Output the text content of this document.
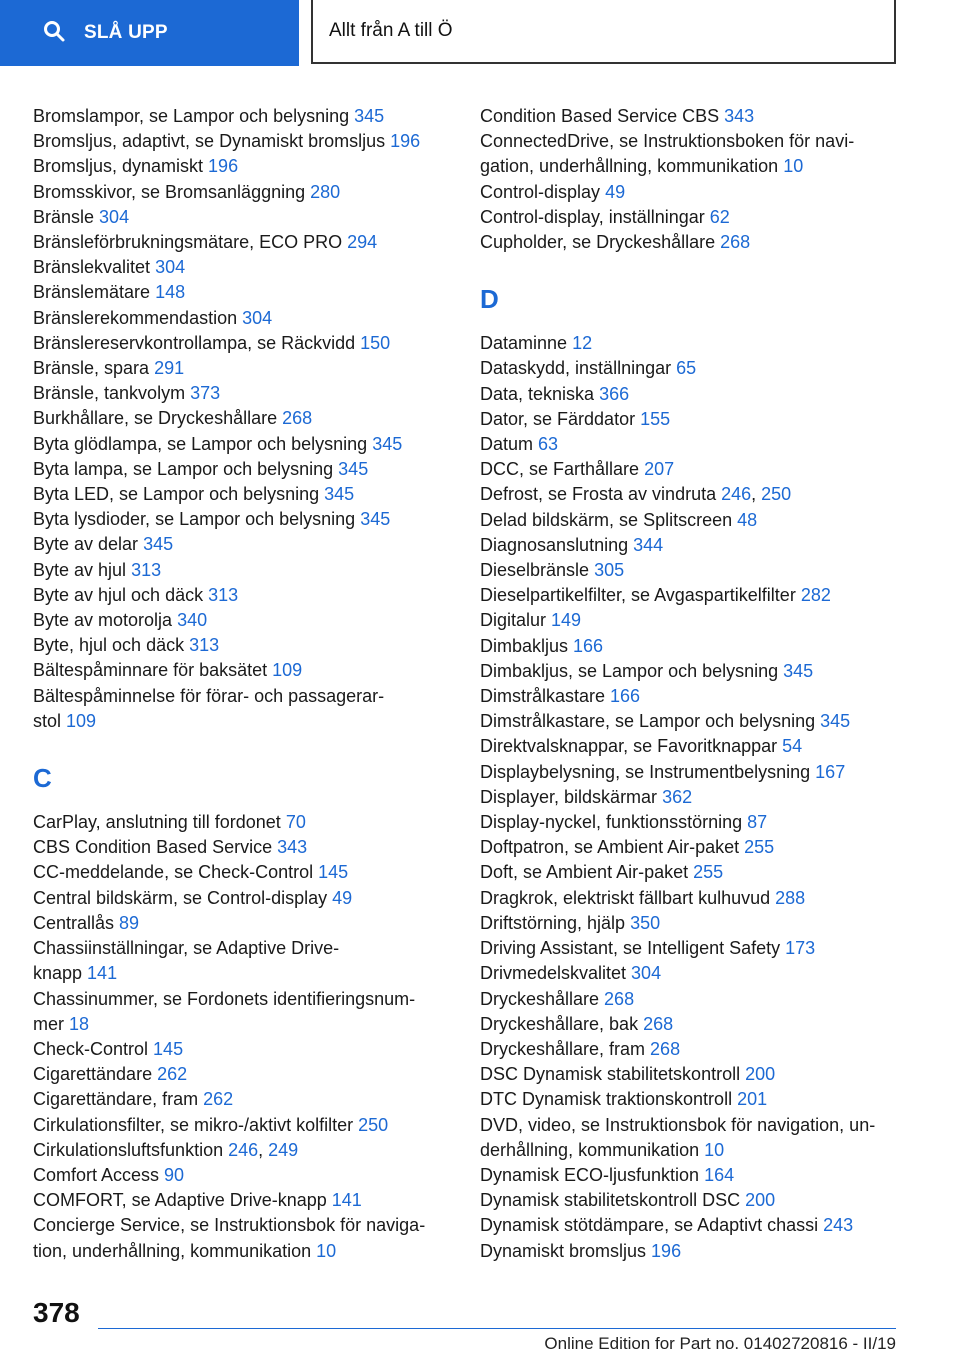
SLÅ UPP	Allt från A till Ö
Bromslampor, se Lampor och belysning 345
Bromsljus, adaptivt, se Dynamiskt bromsljus 196
Bromsljus, dynamiskt 196
Bromsskivor, se Bromsanläggning 280
Bränsle 304
Bränsleförbrukningsmätare, ECO PRO 294
Bränslekvalitet 304
Bränslemätare 148
Bränslerekommendastion 304
Bränslereservkontrollampa, se Räckvidd 150
Bränsle, spara 291
Bränsle, tankvolym 373
Burkhållare, se Dryckeshållare 268
Byta glödlampa, se Lampor och belysning 345
Byta lampa, se Lampor och belysning 345
Byta LED, se Lampor och belysning 345
Byta lysdioder, se Lampor och belysning 345
Byte av delar 345
Byte av hjul 313
Byte av hjul och däck 313
Byte av motorolja 340
Byte, hjul och däck 313
Bältespåminnare för baksätet 109
Bältespåminnelse för förar- och passagerar-
stol 109
C
CarPlay, anslutning till fordonet 70
CBS Condition Based Service 343
CC-meddelande, se Check-Control 145
Central bildskärm, se Control-display 49
Centrallås 89
Chassiinställningar, se Adaptive Drive-
knapp 141
Chassinummer, se Fordonets identifieringsnum-
mer 18
Check-Control 145
Cigarettändare 262
Cigarettändare, fram 262
Cirkulationsfilter, se mikro-/aktivt kolfilter 250
Cirkulationsluftsfunktion 246, 249
Comfort Access 90
COMFORT, se Adaptive Drive-knapp 141
Concierge Service, se Instruktionsbok för naviga-
tion, underhållning, kommunikation 10
Condition Based Service CBS 343
ConnectedDrive, se Instruktionsboken för navi-
gation, underhållning, kommunikation 10
Control-display 49
Control-display, inställningar 62
Cupholder, se Dryckeshållare 268
D
Dataminne 12
Dataskydd, inställningar 65
Data, tekniska 366
Dator, se Färddator 155
Datum 63
DCC, se Farthållare 207
Defrost, se Frosta av vindruta 246, 250
Delad bildskärm, se Splitscreen 48
Diagnosanslutning 344
Dieselbränsle 305
Dieselpartikelfilter, se Avgaspartikelfilter 282
Digitalur 149
Dimbakljus 166
Dimbakljus, se Lampor och belysning 345
Dimstrålkastare 166
Dimstrålkastare, se Lampor och belysning 345
Direktvalsknappar, se Favoritknappar 54
Displaybelysning, se Instrumentbelysning 167
Displayer, bildskärmar 362
Display-nyckel, funktionsstörning 87
Doftpatron, se Ambient Air-paket 255
Doft, se Ambient Air-paket 255
Dragkrok, elektriskt fällbart kulhuvud 288
Driftstörning, hjälp 350
Driving Assistant, se Intelligent Safety 173
Drivmedelskvalitet 304
Dryckeshållare 268
Dryckeshållare, bak 268
Dryckeshållare, fram 268
DSC Dynamisk stabilitetskontroll 200
DTC Dynamisk traktionskontroll 201
DVD, video, se Instruktionsbok för navigation, un-
derhållning, kommunikation 10
Dynamisk ECO-ljusfunktion 164
Dynamisk stabilitetskontroll DSC 200
Dynamisk stötdämpare, se Adaptivt chassi 243
Dynamiskt bromsljus 196
378
Online Edition for Part no. 01402720816 - II/19
